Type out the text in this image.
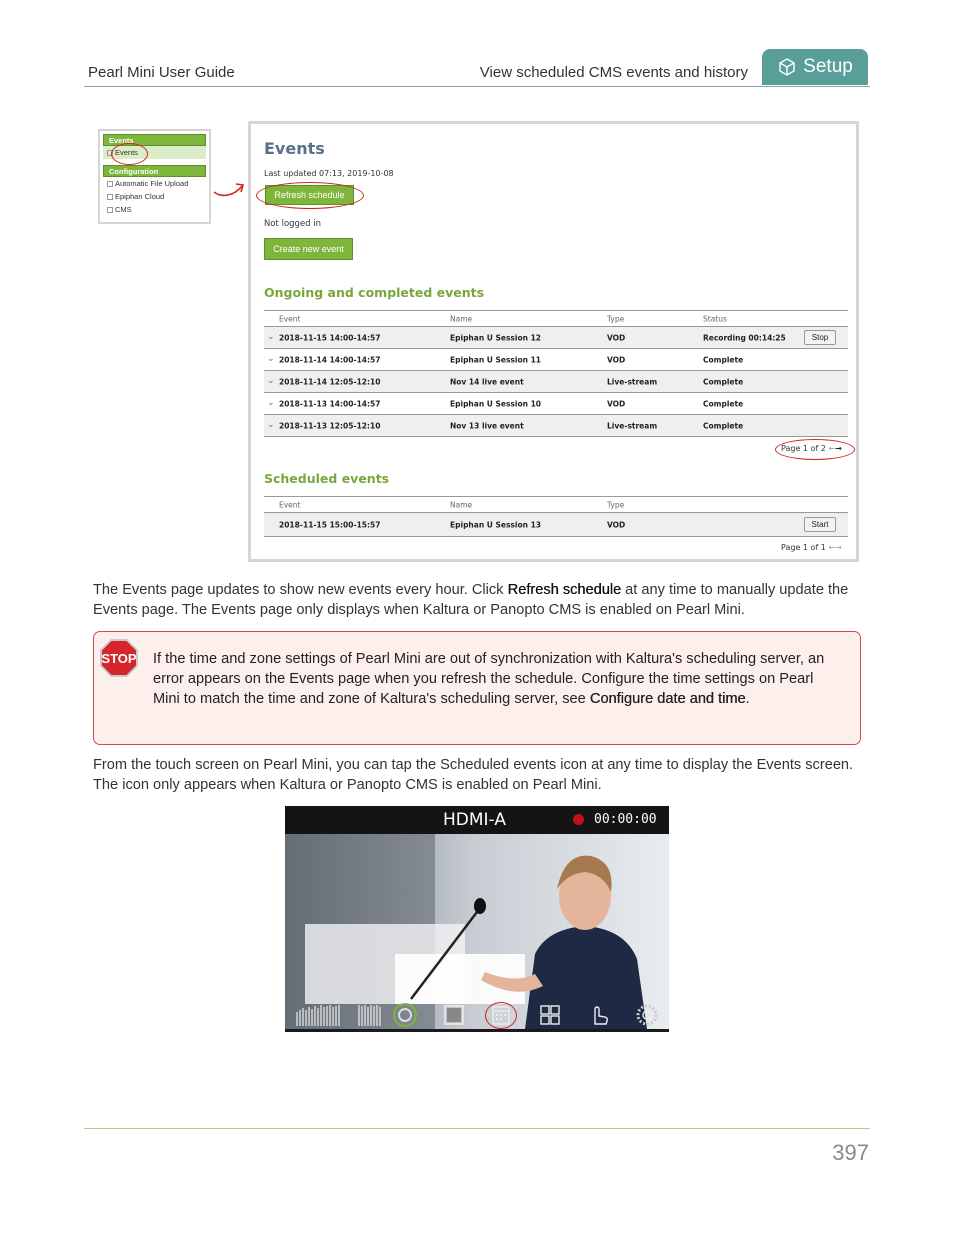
Pearl Mini User Guide	View scheduled CMS events and history	Setup
Events
Events
Configuration
Automatic File Upload
Epiphan Cloud
CMS
Events
Last updated 07:13, 2019-10-08
Refresh schedule
Not logged in
Create new event
Ongoing and completed events
Event	Name	Type	Status
⌄ 2018-11-15 14:00-14:57	Epiphan U Session 12	VOD	Recording 00:14:25	Stop
⌄ 2018-11-14 14:00-14:57	Epiphan U Session 11	VOD	Complete
⌄ 2018-11-14 12:05-12:10	Nov 14 live event	Live-stream	Complete
⌄ 2018-11-13 14:00-14:57	Epiphan U Session 10	VOD	Complete
⌄ 2018-11-13 12:05-12:10	Nov 13 live event	Live-stream	Complete
Page 1 of 2 ←→
Scheduled events
Event	Name	Type
2018-11-15 15:00-15:57	Epiphan U Session 13	VOD	Start
Page 1 of 1 ←→

The Events page updates to show new events every hour. Click Refresh schedule at any time to manually update the Events page. The Events page only displays when Kaltura or Panopto CMS is enabled on Pearl Mini.

STOP If the time and zone settings of Pearl Mini are out of synchronization with Kaltura's scheduling server, an error appears on the Events page when you refresh the schedule. Configure the time settings on Pearl Mini to match the time and zone of Kaltura's scheduling server, see Configure date and time.

From the touch screen on Pearl Mini, you can tap the Scheduled events icon at any time to display the Events screen. The icon only appears when Kaltura or Panopto CMS is enabled on Pearl Mini.

HDMI-A	00:00:00
397
